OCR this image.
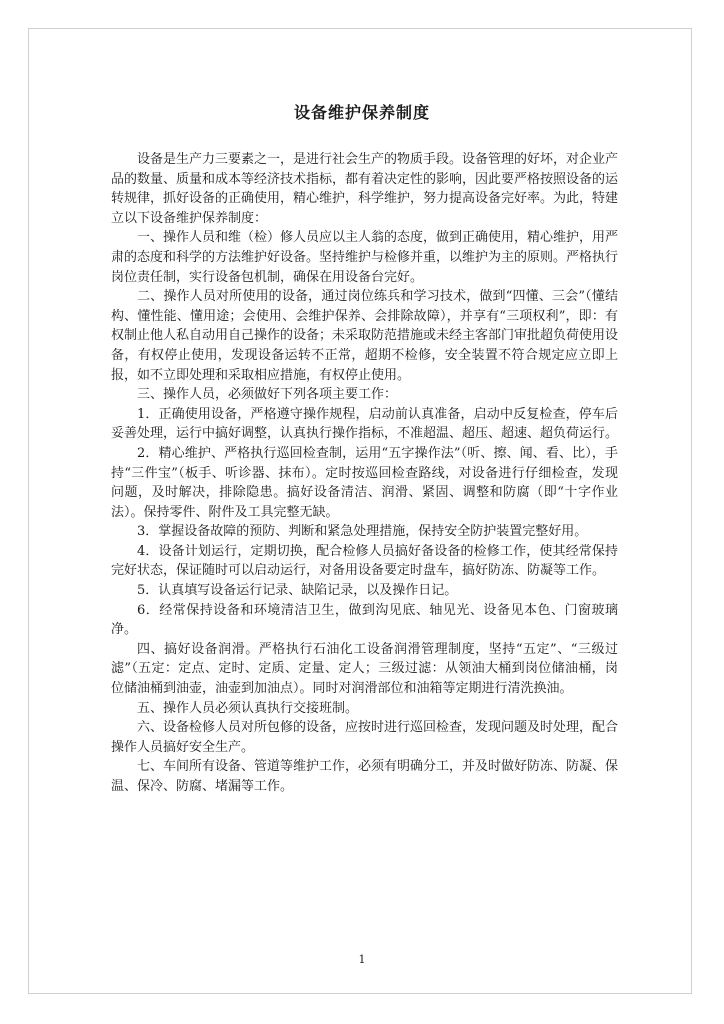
设备维护保养制度

设备是生产力三要素之一，是进行社会生产的物质手段。设备管理的好坏，对企业产品的数量、质量和成本等经济技术指标，都有着决定性的影响，因此要严格按照设备的运转规律，抓好设备的正确使用，精心维护，科学维护，努力提高设备完好率。为此，特建立以下设备维护保养制度：

一、操作人员和维（检）修人员应以主人翁的态度，做到正确使用，精心维护，用严肃的态度和科学的方法维护好设备。坚持维护与检修并重，以维护为主的原则。严格执行岗位责任制，实行设备包机制，确保在用设备台完好。

二、操作人员对所使用的设备，通过岗位练兵和学习技术，做到“四懂、三会”（懂结构、懂性能、懂用途；会使用、会维护保养、会排除故障），并享有“三项权利”，即：有权制止他人私自动用自己操作的设备；未采取防范措施或未经主客部门审批超负荷使用设备，有权停止使用，发现设备运转不正常，超期不检修，安全装置不符合规定应立即上报，如不立即处理和采取相应措施，有权停止使用。

三、操作人员，必须做好下列各项主要工作：

1．正确使用设备，严格遵守操作规程，启动前认真准备，启动中反复检查，停车后妥善处理，运行中搞好调整，认真执行操作指标，不准超温、超压、超速、超负荷运行。

2．精心维护、严格执行巡回检查制，运用“五字操作法”（听、擦、闻、看、比），手持“三件宝”（板手、听诊器、抹布）。定时按巡回检查路线，对设备进行仔细检查，发现问题，及时解决，排除隐患。搞好设备清洁、润滑、紧固、调整和防腐（即“十字作业法）。保持零件、附件及工具完整无缺。

3．掌握设备故障的预防、判断和紧急处理措施，保持安全防护装置完整好用。

4．设备计划运行，定期切换，配合检修人员搞好备设备的检修工作，使其经常保持完好状态，保证随时可以启动运行，对备用设备要定时盘车，搞好防冻、防凝等工作。

5．认真填写设备运行记录、缺陷记录，以及操作日记。

6．经常保持设备和环境清洁卫生，做到沟见底、轴见光、设备见本色、门窗玻璃净。

四、搞好设备润滑。严格执行石油化工设备润滑管理制度，坚持“五定”、“三级过滤”（五定：定点、定时、定质、定量、定人；三级过滤：从领油大桶到岗位储油桶，岗位储油桶到油壶，油壶到加油点）。同时对润滑部位和油箱等定期进行清洗换油。

五、操作人员必须认真执行交接班制。

六、设备检修人员对所包修的设备，应按时进行巡回检查，发现问题及时处理，配合操作人员搞好安全生产。

七、车间所有设备、管道等维护工作，必须有明确分工，并及时做好防冻、防凝、保温、保冷、防腐、堵漏等工作。

1
